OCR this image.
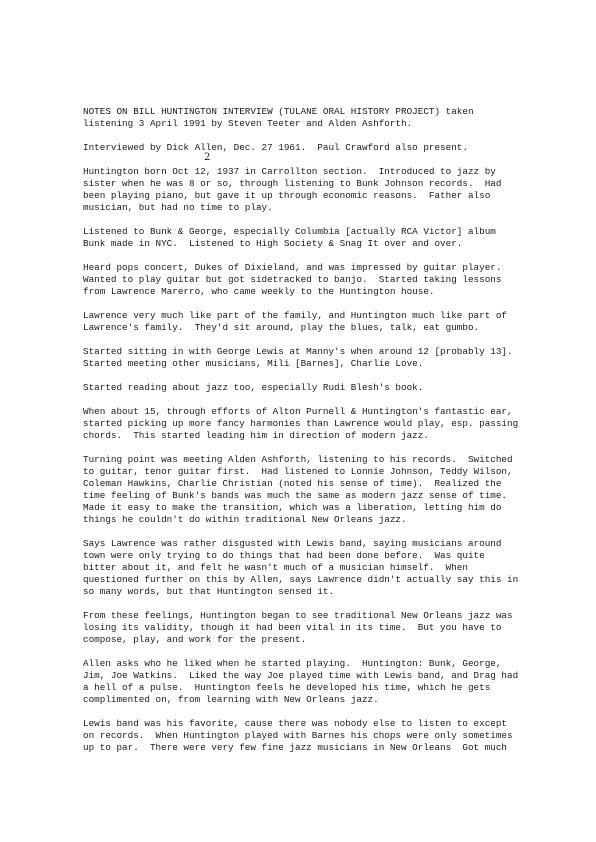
2
NOTES ON BILL HUNTINGTON INTERVIEW (TULANE ORAL HISTORY PROJECT) taken
listening 3 April 1991 by Steven Teeter and Alden Ashforth.
Interviewed by Dick Allen, Dec. 27 1961.  Paul Crawford also present.
Huntington born Oct 12, 1937 in Carrollton section.  Introduced to jazz by
sister when he was 8 or so, through listening to Bunk Johnson records.  Had
been playing piano, but gave it up through economic reasons.  Father also
musician, but had no time to play.
Listened to Bunk & George, especially Columbia [actually RCA Victor] album
Bunk made in NYC.  Listened to High Society & Snag It over and over.
Heard pops concert, Dukes of Dixieland, and was impressed by guitar player.
Wanted to play guitar but got sidetracked to banjo.  Started taking lessons
from Lawrence Marerro, who came weekly to the Huntington house.
Lawrence very much like part of the family, and Huntington much like part of
Lawrence's family.  They'd sit around, play the blues, talk, eat gumbo.
Started sitting in with George Lewis at Manny's when around 12 [probably 13].
Started meeting other musicians, Mili [Barnes], Charlie Love.
Started reading about jazz too, especially Rudi Blesh's book.
When about 15, through efforts of Alton Purnell & Huntington's fantastic ear,
started picking up more fancy harmonies than Lawrence would play, esp. passing
chords.  This started leading him in direction of modern jazz.
Turning point was meeting Alden Ashforth, listening to his records.  Switched
to guitar, tenor guitar first.  Had listened to Lonnie Johnson, Teddy Wilson,
Coleman Hawkins, Charlie Christian (noted his sense of time).  Realized the
time feeling of Bunk's bands was much the same as modern jazz sense of time.
Made it easy to make the transition, which was a liberation, letting him do
things he couldn't do within traditional New Orleans jazz.
Says Lawrence was rather disgusted with Lewis band, saying musicians around
town were only trying to do things that had been done before.  Was quite
bitter about it, and felt he wasn't much of a musician himself.  When
questioned further on this by Allen, says Lawrence didn't actually say this in
so many words, but that Huntington sensed it.
From these feelings, Huntington began to see traditional New Orleans jazz was
losing its validity, though it had been vital in its time.  But you have to
compose, play, and work for the present.
Allen asks who he liked when he started playing.  Huntington: Bunk, George,
Jim, Joe Watkins.  Liked the way Joe played time with Lewis band, and Drag had
a hell of a pulse.  Huntington feels he developed his time, which he gets
complimented on, from learning with New Orleans jazz.
Lewis band was his favorite, cause there was nobody else to listen to except
on records.  When Huntington played with Barnes his chops were only sometimes
up to par.  There were very few fine jazz musicians in New Orleans  Got much
